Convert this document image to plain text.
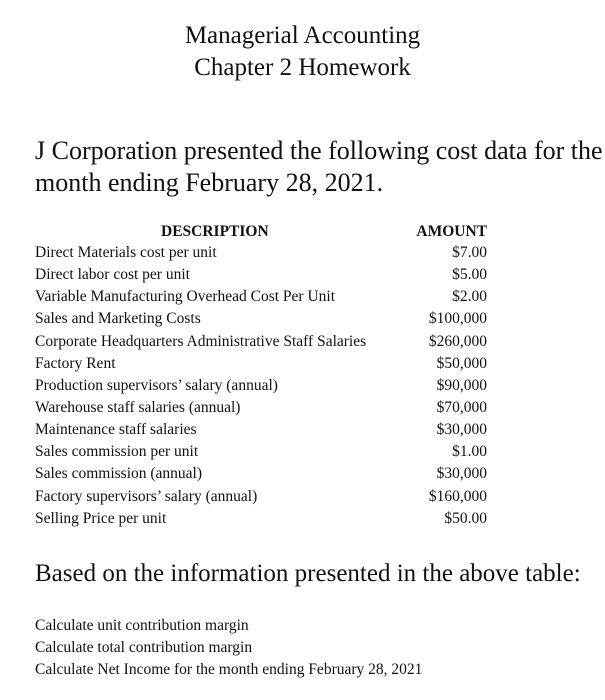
Managerial Accounting
Chapter 2 Homework
J Corporation presented the following cost data for the
month ending February 28, 2021.
DESCRIPTION	AMOUNT
Direct Materials cost per unit	$7.00
Direct labor cost per unit	$5.00
Variable Manufacturing Overhead Cost Per Unit	$2.00
Sales and Marketing Costs	$100,000
Corporate Headquarters Administrative Staff Salaries	$260,000
Factory Rent	$50,000
Production supervisors’ salary (annual)	$90,000
Warehouse staff salaries (annual)	$70,000
Maintenance staff salaries	$30,000
Sales commission per unit	$1.00
Sales commission (annual)	$30,000
Factory supervisors’ salary (annual)	$160,000
Selling Price per unit	$50.00
Based on the information presented in the above table:
Calculate unit contribution margin
Calculate total contribution margin
Calculate Net Income for the month ending February 28, 2021
